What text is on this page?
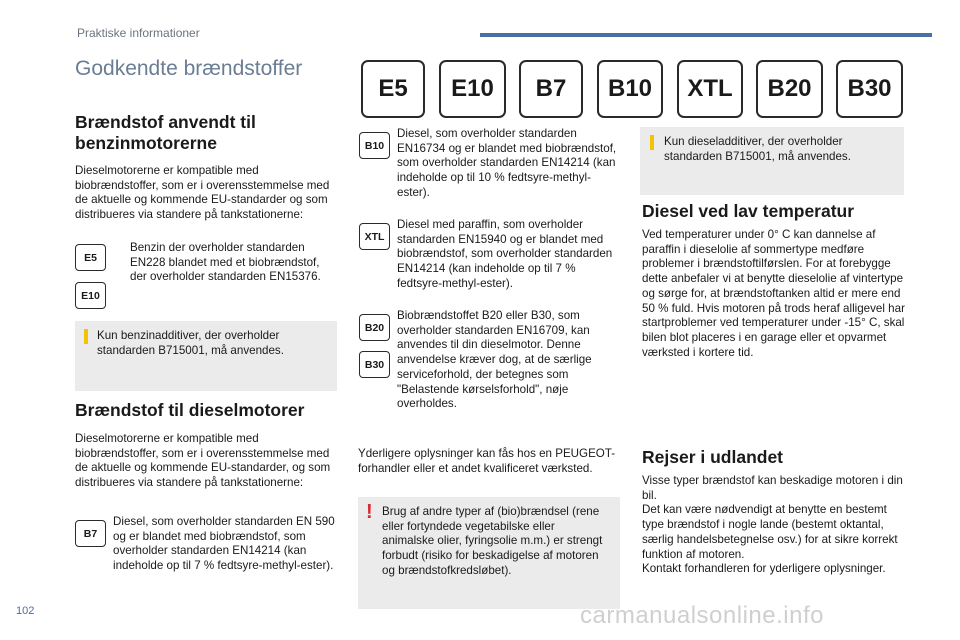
Praktiske informationer
Godkendte brændstoffer
E5	E10	B7	B10	XTL	B20	B30
Brændstof anvendt til benzinmotorerne
Dieselmotorerne er kompatible med biobrændstoffer, som er i overensstemmelse med de aktuelle og kommende EU-standarder og som distribueres via standere på tankstationerne:
E5
E10
Benzin der overholder standarden EN228 blandet med et biobrændstof, der overholder standarden EN15376.
Kun benzinadditiver, der overholder standarden B715001, må anvendes.
Brændstof til dieselmotorer
Dieselmotorerne er kompatible med biobrændstoffer, som er i overensstemmelse med de aktuelle og kommende EU-standarder, og som distribueres via standere på tankstationerne:
B7
Diesel, som overholder standarden EN 590 og er blandet med biobrændstof, som overholder standarden EN14214 (kan indeholde op til 7 % fedtsyre-methyl-ester).
B10
Diesel, som overholder standarden EN16734 og er blandet med biobrændstof, som overholder standarden EN14214 (kan indeholde op til 10 % fedtsyre-methyl-ester).
XTL
Diesel med paraffin, som overholder standarden EN15940 og er blandet med biobrændstof, som overholder standarden EN14214 (kan indeholde op til 7 % fedtsyre-methyl-ester).
B20
B30
Biobrændstoffet B20 eller B30, som overholder standarden EN16709, kan anvendes til din dieselmotor. Denne anvendelse kræver dog, at de særlige serviceforhold, der betegnes som "Belastende kørselsforhold", nøje overholdes.
Yderligere oplysninger kan fås hos en PEUGEOT-forhandler eller et andet kvalificeret værksted.
! Brug af andre typer af (bio)brændsel (rene eller fortyndede vegetabilske eller animalske olier, fyringsolie m.m.) er strengt forbudt (risiko for beskadigelse af motoren og brændstofkredsløbet).
Kun dieseladditiver, der overholder standarden B715001, må anvendes.
Diesel ved lav temperatur
Ved temperaturer under 0° C kan dannelse af paraffin i dieselolie af sommertype medføre problemer i brændstoftilførslen. For at forebygge dette anbefaler vi at benytte dieselolie af vintertype og sørge for, at brændstoftanken altid er mere end 50 % fuld. Hvis motoren på trods heraf alligevel har startproblemer ved temperaturer under -15° C, skal bilen blot placeres i en garage eller et opvarmet værksted i kortere tid.
Rejser i udlandet
Visse typer brændstof kan beskadige motoren i din bil.
Det kan være nødvendigt at benytte en bestemt type brændstof i nogle lande (bestemt oktantal, særlig handelsbetegnelse osv.) for at sikre korrekt funktion af motoren.
Kontakt forhandleren for yderligere oplysninger.
102	carmanualsonline.info
